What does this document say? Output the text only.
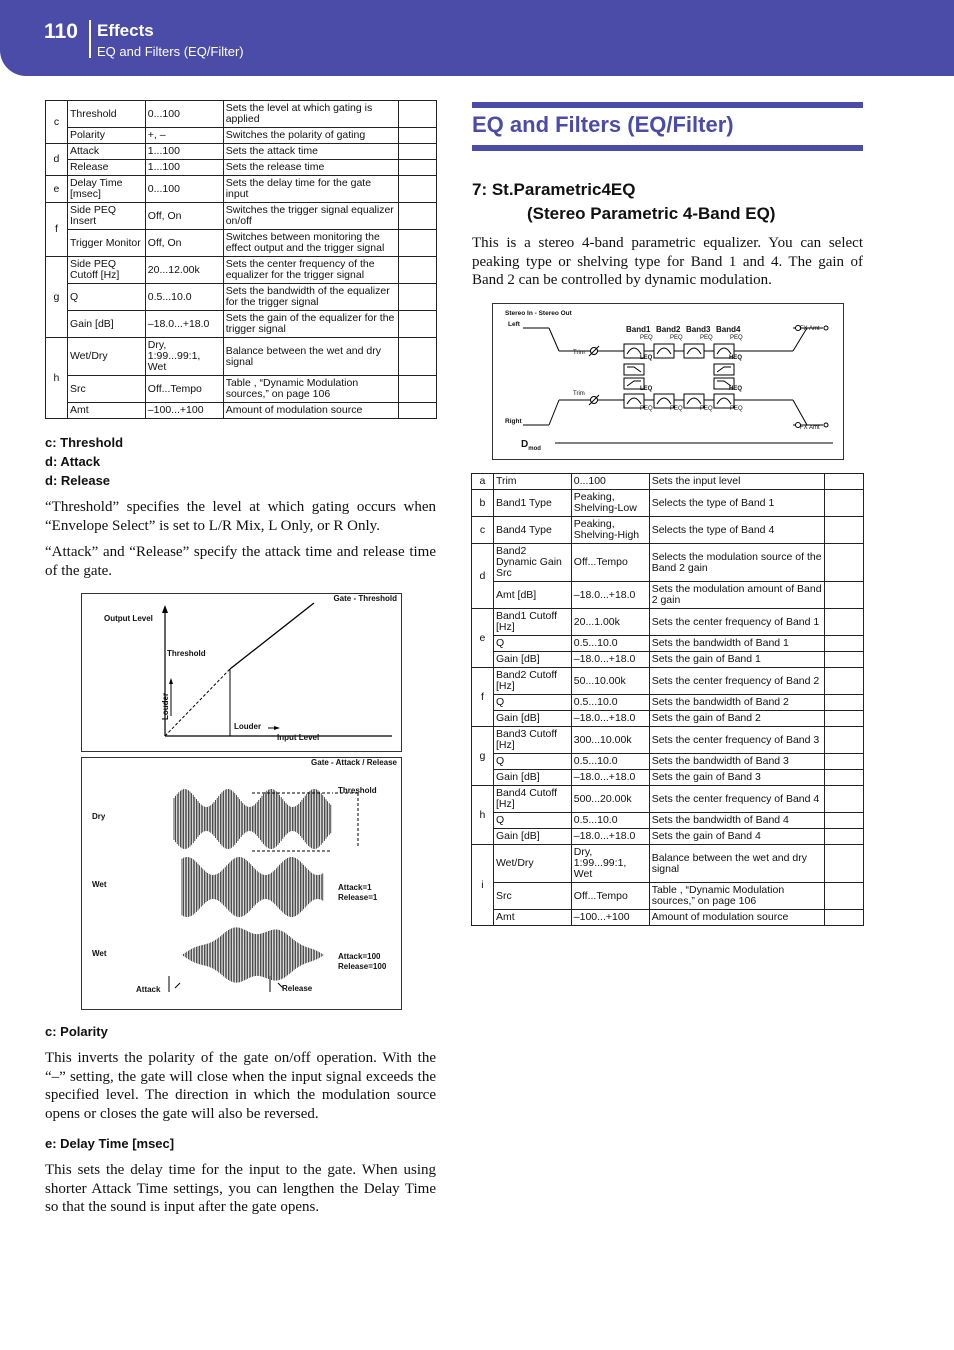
110 Effects
EQ and Filters (EQ/Filter)
c	Threshold	0...100	Sets the level at which gating is applied	
	Polarity	+, –	Switches the polarity of gating	
d	Attack	1...100	Sets the attack time	
	Release	1...100	Sets the release time	
e	Delay Time [msec]	0...100	Sets the delay time for the gate input	
f	Side PEQ Insert	Off, On	Switches the trigger signal equalizer on/off	
	Trigger Monitor	Off, On	Switches between monitoring the effect output and the trigger signal	
g	Side PEQ Cutoff [Hz]	20...12.00k	Sets the center frequency of the equalizer for the trigger signal	
	Q	0.5...10.0	Sets the bandwidth of the equalizer for the trigger signal	
	Gain [dB]	–18.0...+18.0	Sets the gain of the equalizer for the trigger signal	
h	Wet/Dry	Dry, 1:99...99:1, Wet	Balance between the wet and dry signal	
	Src	Off...Tempo	Table , “Dynamic Modulation sources,” on page 106	
	Amt	–100...+100	Amount of modulation source	
c: Threshold
d: Attack
d: Release
“Threshold” specifies the level at which gating occurs when “Envelope Select” is set to L/R Mix, L Only, or R Only.
“Attack” and “Release” specify the attack time and release time of the gate.
Gate - Threshold
Output Level
Threshold
Louder
Louder
Input Level
Gate - Attack / Release
Threshold
Dry
Wet
Wet
Attack=1
Release=1
Attack=100
Release=100
Attack	Release
c: Polarity
This inverts the polarity of the gate on/off operation. With the “–” setting, the gate will close when the input signal exceeds the specified level. The direction in which the modulation source opens or closes the gate will also be reversed.
e: Delay Time [msec]
This sets the delay time for the input to the gate. When using shorter Attack Time settings, you can lengthen the Delay Time so that the sound is input after the gate opens.
EQ and Filters (EQ/Filter)
7: St.Parametric4EQ
(Stereo Parametric 4-Band EQ)
This is a stereo 4-band parametric equalizer. You can select peaking type or shelving type for Band 1 and 4. The gain of Band 2 can be controlled by dynamic modulation.
Stereo In - Stereo Out
Left
Right
Band1 Band2 Band3 Band4
PEQ	PEQ	PEQ	PEQ
PEQ	PEQ	PEQ	PEQ
LEQ
LEQ
HEQ
HEQ
Trim
Trim
FX Amt
FX Amt
$D_{mod}$
a	Trim	0...100	Sets the input level	
b	Band1 Type	Peaking, Shelving-Low	Selects the type of Band 1	
c	Band4 Type	Peaking, Shelving-High	Selects the type of Band 4	
d	Band2 Dynamic Gain Src	Off...Tempo	Selects the modulation source of the Band 2 gain	
	Amt [dB]	–18.0...+18.0	Sets the modulation amount of Band 2 gain	
e	Band1 Cutoff [Hz]	20...1.00k	Sets the center frequency of Band 1	
	Q	0.5...10.0	Sets the bandwidth of Band 1	
	Gain [dB]	–18.0...+18.0	Sets the gain of Band 1	
f	Band2 Cutoff [Hz]	50...10.00k	Sets the center frequency of Band 2	
	Q	0.5...10.0	Sets the bandwidth of Band 2	
	Gain [dB]	–18.0...+18.0	Sets the gain of Band 2	
g	Band3 Cutoff [Hz]	300...10.00k	Sets the center frequency of Band 3	
	Q	0.5...10.0	Sets the bandwidth of Band 3	
	Gain [dB]	–18.0...+18.0	Sets the gain of Band 3	
h	Band4 Cutoff [Hz]	500...20.00k	Sets the center frequency of Band 4	
	Q	0.5...10.0	Sets the bandwidth of Band 4	
	Gain [dB]	–18.0...+18.0	Sets the gain of Band 4	
i	Wet/Dry	Dry, 1:99...99:1, Wet	Balance between the wet and dry signal	
	Src	Off...Tempo	Table , “Dynamic Modulation sources,” on page 106	
	Amt	–100...+100	Amount of modulation source	
